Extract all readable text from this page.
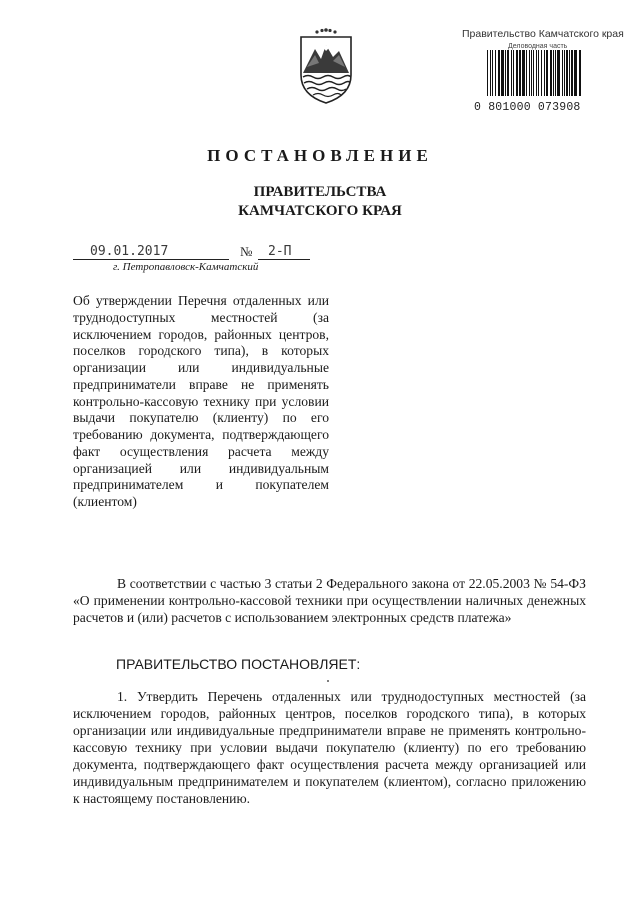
Правительство Камчатского края
Деловодная часть
0 801000 073908
ПОСТАНОВЛЕНИЕ
ПРАВИТЕЛЬСТВА
КАМЧАТСКОГО КРАЯ
09.01.2017	№ 2-П
г. Петропавловск-Камчатский
Об утверждении Перечня отдаленных или труднодоступных местностей (за исключением городов, районных центров, поселков городского типа), в которых организации или индивидуальные предприниматели вправе не применять контрольно-кассовую технику при условии выдачи покупателю (клиенту) по его требованию документа, подтверждающего факт осуществления расчета между организацией или индивидуальным предпринимателем и покупателем (клиентом)
В соответствии с частью 3 статьи 2 Федерального закона от 22.05.2003 № 54-ФЗ «О применении контрольно-кассовой техники при осуществлении наличных денежных расчетов и (или) расчетов с использованием электронных средств платежа»
ПРАВИТЕЛЬСТВО ПОСТАНОВЛЯЕТ:
1. Утвердить Перечень отдаленных или труднодоступных местностей (за исключением городов, районных центров, поселков городского типа), в которых организации или индивидуальные предприниматели вправе не применять контрольно-кассовую технику при условии выдачи покупателю (клиенту) по его требованию документа, подтверждающего факт осуществления расчета между организацией или индивидуальным предпринимателем и покупателем (клиентом), согласно приложению к настоящему постановлению.
